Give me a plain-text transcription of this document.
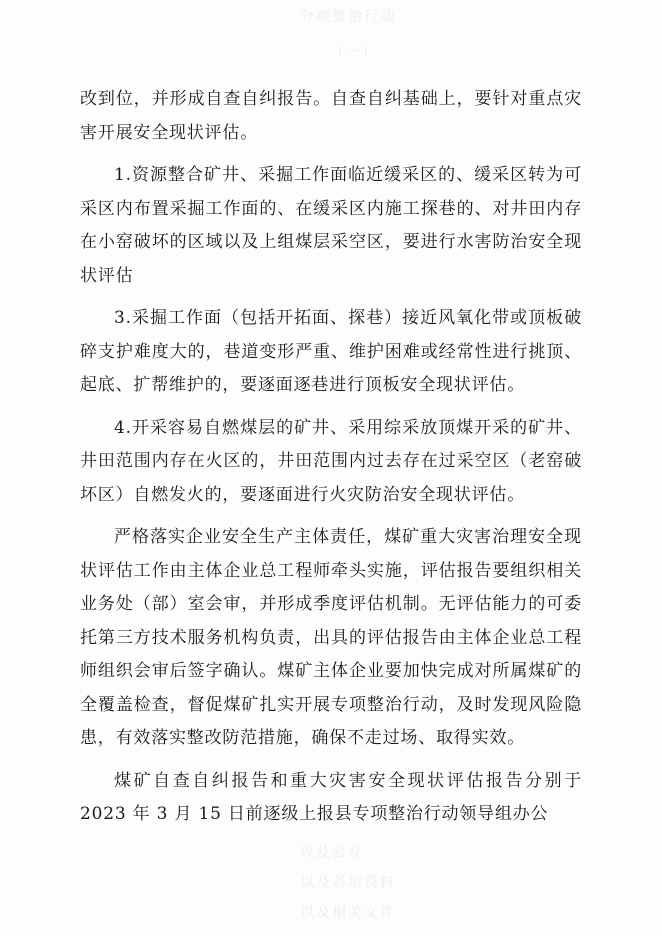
分项整治行动
（一）

改到位，并形成自查自纠报告。自查自纠基础上，要针对重点灾害开展安全现状评估。

1.资源整合矿井、采掘工作面临近缓采区的、缓采区转为可采区内布置采掘工作面的、在缓采区内施工探巷的、对井田内存在小窑破坏的区域以及上组煤层采空区，要进行水害防治安全现状评估

3.采掘工作面（包括开拓面、探巷）接近风氧化带或顶板破碎支护难度大的，巷道变形严重、维护困难或经常性进行挑顶、起底、扩帮维护的，要逐面逐巷进行顶板安全现状评估。

4.开采容易自燃煤层的矿井、采用综采放顶煤开采的矿井、井田范围内存在火区的，井田范围内过去存在过采空区（老窑破坏区）自燃发火的，要逐面进行火灾防治安全现状评估。

严格落实企业安全生产主体责任，煤矿重大灾害治理安全现状评估工作由主体企业总工程师牵头实施，评估报告要组织相关业务处（部）室会审，并形成季度评估机制。无评估能力的可委托第三方技术服务机构负责，出具的评估报告由主体企业总工程师组织会审后签字确认。煤矿主体企业要加快完成对所属煤矿的全覆盖检查，督促煤矿扎实开展专项整治行动，及时发现风险隐患，有效落实整改防范措施，确保不走过场、取得实效。

煤矿自查自纠报告和重大灾害安全现状评估报告分别于 2023 年 3 月 15 日前逐级上报县专项整治行动领导组办公

以及公众
以及各项资料
以及相关文件
